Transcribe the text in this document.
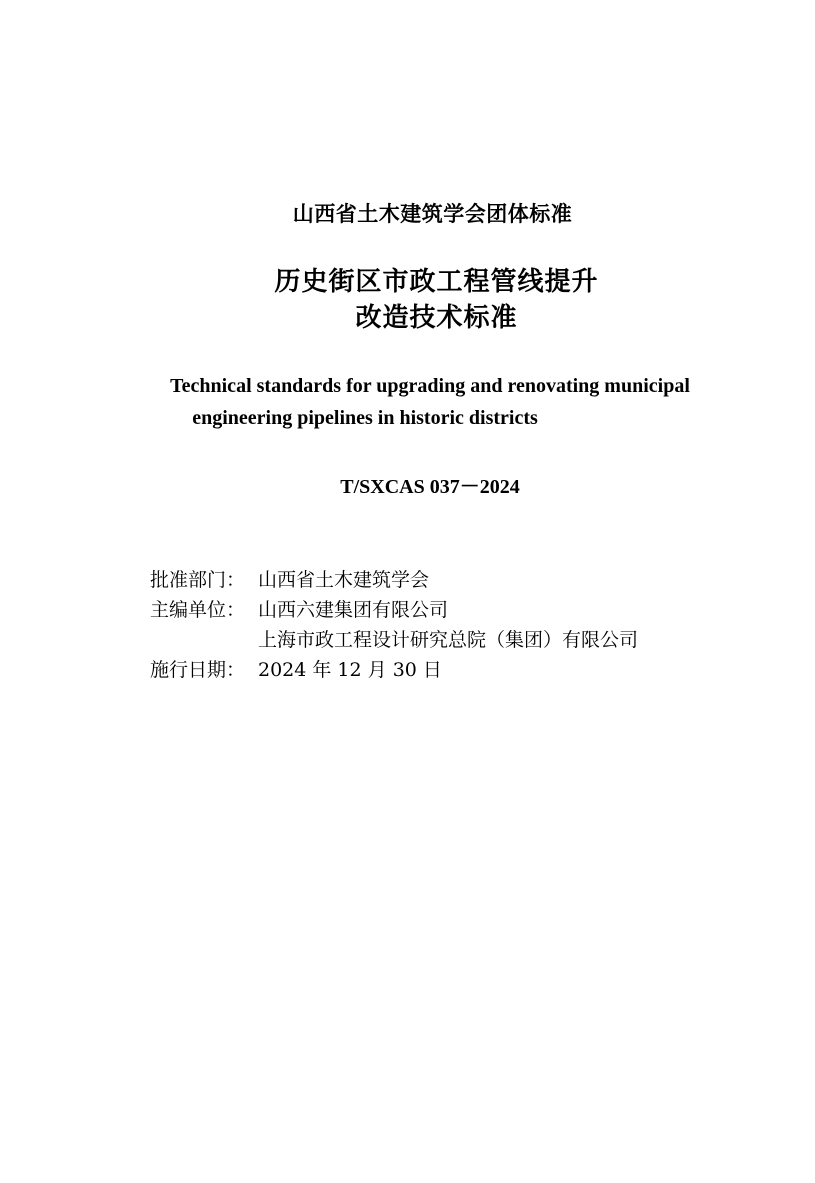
山西省土木建筑学会团体标准
历史街区市政工程管线提升
改造技术标准
Technical standards for upgrading and renovating municipal
engineering pipelines in historic districts
T/SXCAS 037－2024
批准部门： 山西省土木建筑学会
主编单位： 山西六建集团有限公司
上海市政工程设计研究总院（集团）有限公司
施行日期： 2024 年 12 月 30 日
